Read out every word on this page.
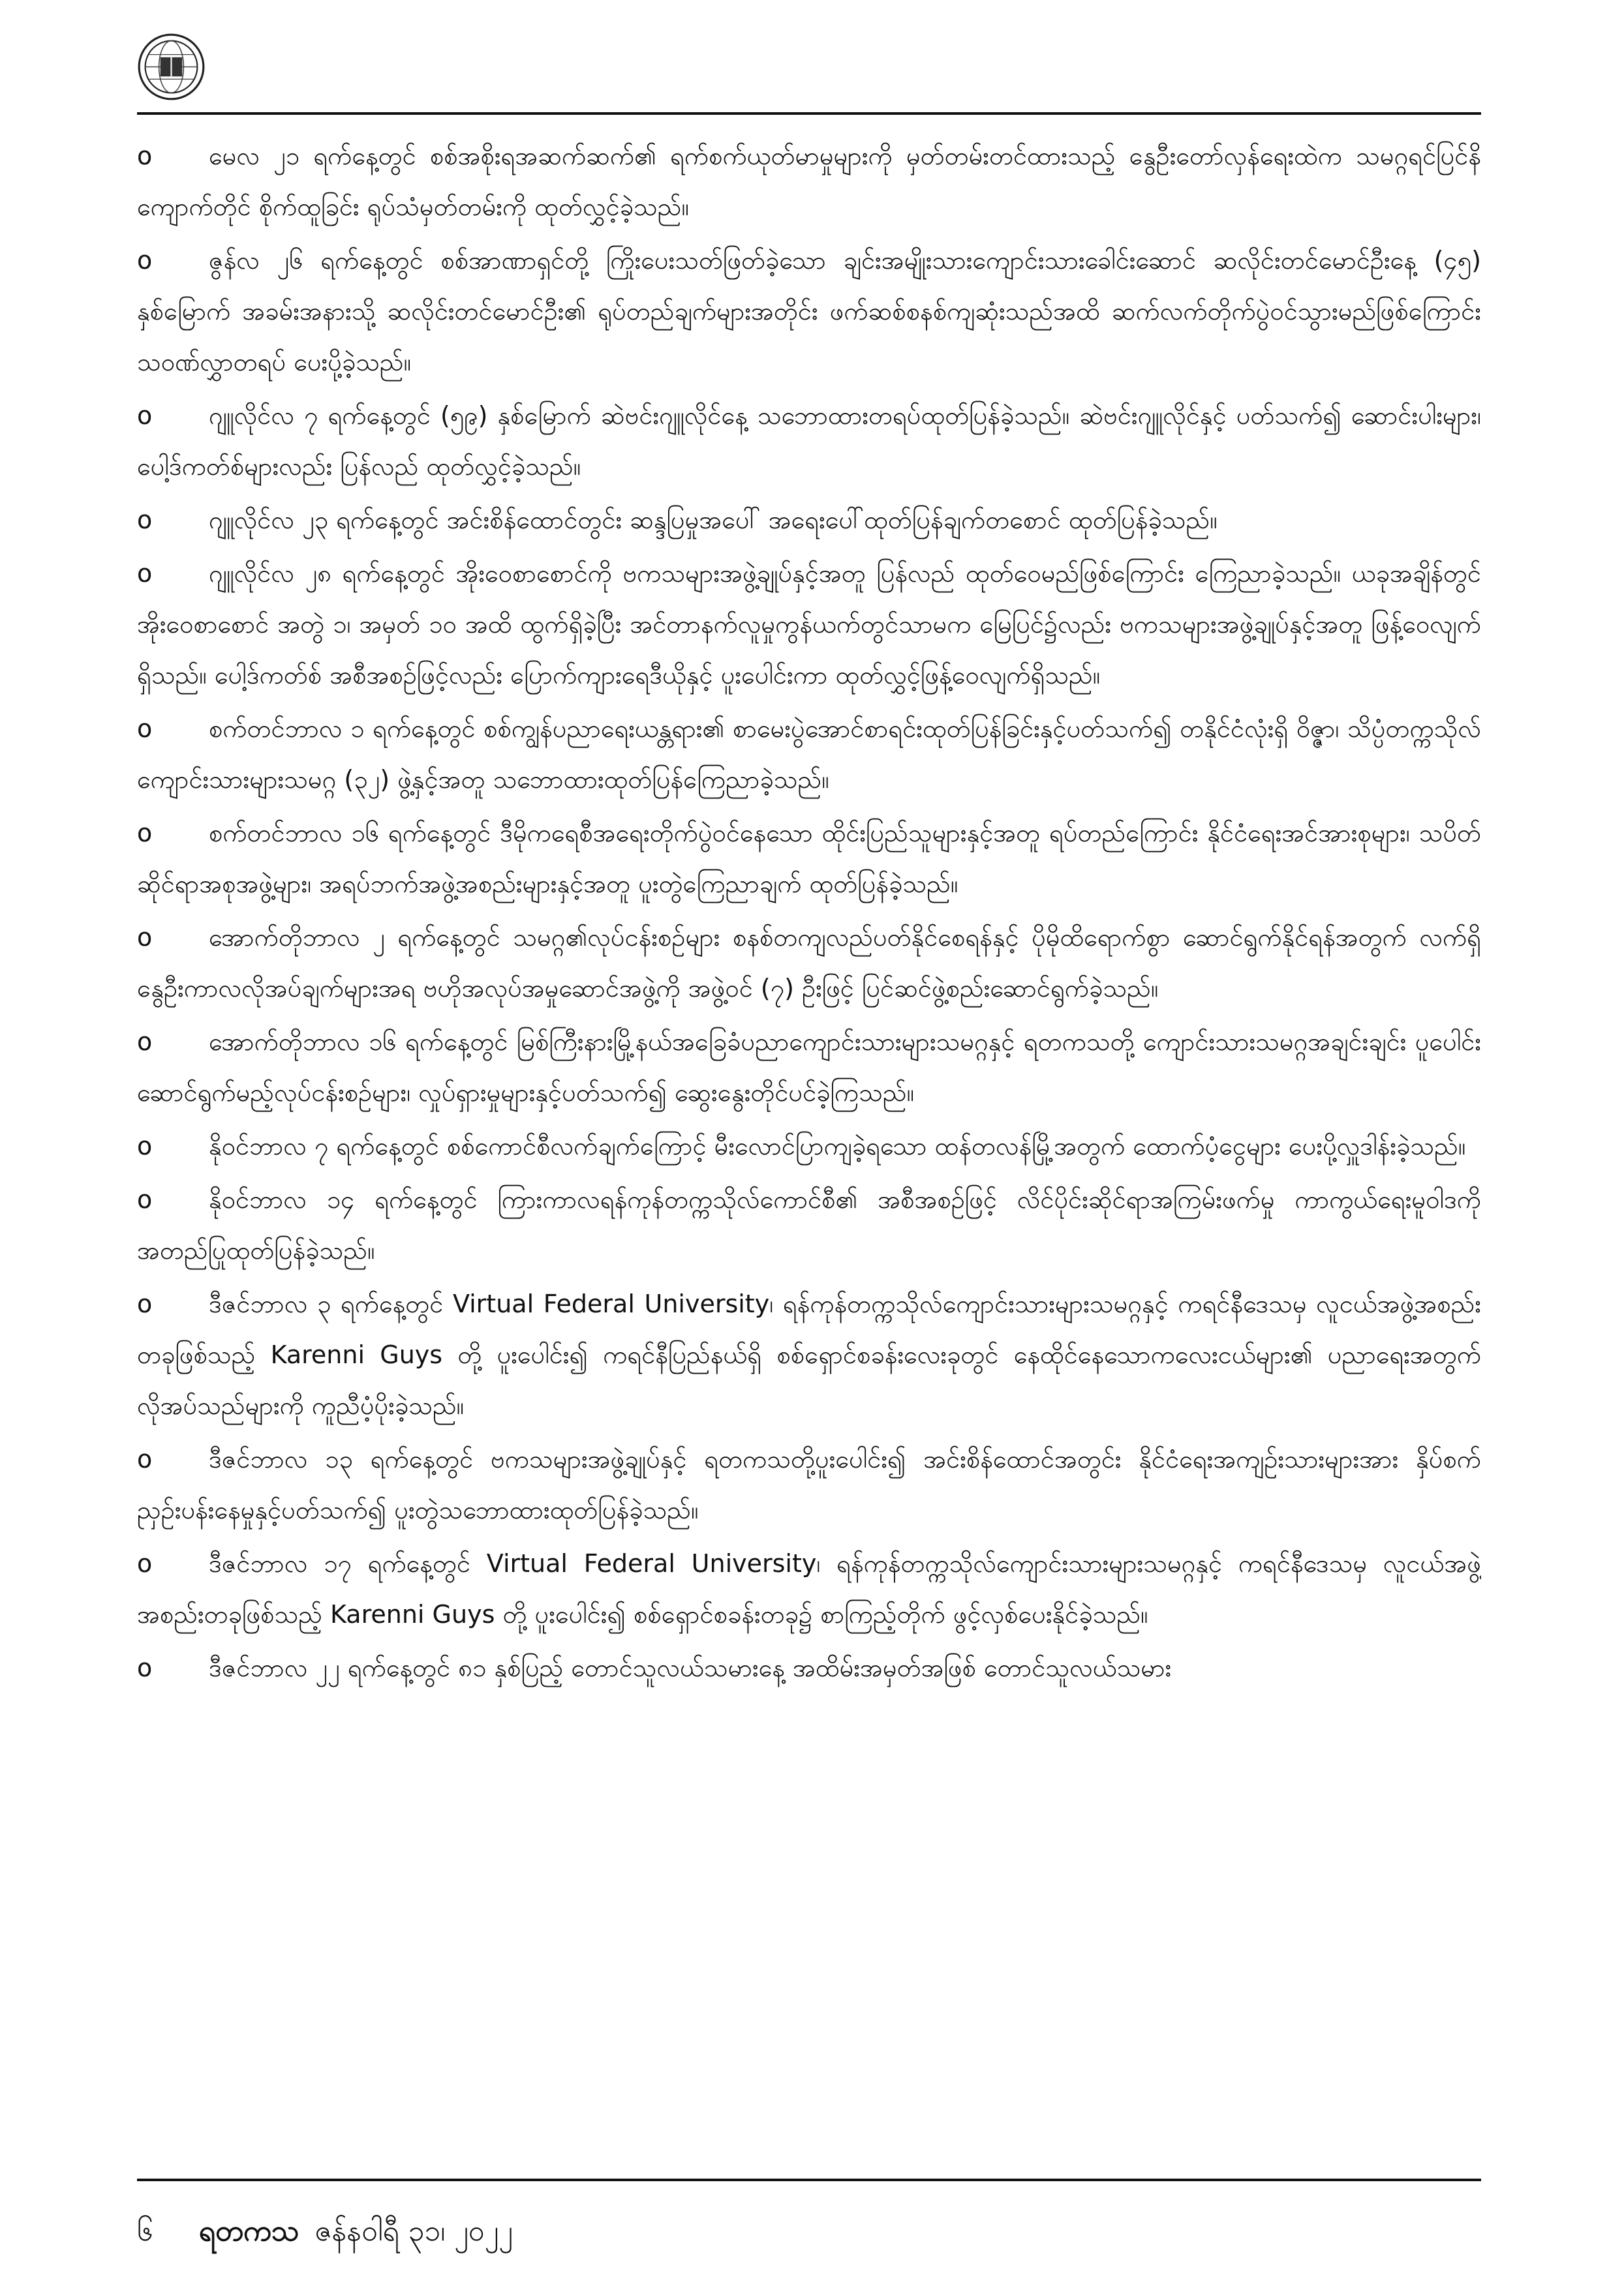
o မေလ ၂၁ ရက်နေ့တွင် စစ်အစိုးရအဆက်ဆက်၏ ရက်စက်ယုတ်မာမှုများကို မှတ်တမ်းတင်ထားသည့် နွေဦးတော်လှန်ရေးထဲက သမဂ္ဂရင်ပြင်နိကျောက်တိုင် စိုက်ထူခြင်း ရုပ်သံမှတ်တမ်းကို ထုတ်လွှင့်ခဲ့သည်။

o ဇွန်လ ၂၆ ရက်နေ့တွင် စစ်အာဏာရှင်တို့ ကြိုးပေးသတ်ဖြတ်ခဲ့သော ချင်းအမျိုးသားကျောင်းသားခေါင်းဆောင် ဆလိုင်းတင်မောင်ဦးနေ့ (၄၅) နှစ်မြောက် အခမ်းအနားသို့ ဆလိုင်းတင်မောင်ဦး၏ ရုပ်တည်ချက်များအတိုင်း ဖက်ဆစ်စနစ်ကျဆုံးသည်အထိ ဆက်လက်တိုက်ပွဲဝင်သွားမည်ဖြစ်ကြောင်း သဝဏ်လွှာတရပ် ပေးပို့ခဲ့သည်။

o ဂျူလိုင်လ ၇ ရက်နေ့တွင် (၅၉) နှစ်မြောက် ဆဲဗင်းဂျူလိုင်နေ့ သဘောထားတရပ်ထုတ်ပြန်ခဲ့သည်။ ဆဲဗင်းဂျူလိုင်နှင့် ပတ်သက်၍ ဆောင်းပါးများ၊ ပေါ့ဒ်ကတ်စ်များလည်း ပြန်လည် ထုတ်လွှင့်ခဲ့သည်။

o ဂျူလိုင်လ ၂၃ ရက်နေ့တွင် အင်းစိန်ထောင်တွင်း ဆန္ဒပြမှုအပေါ် အရေးပေါ်ထုတ်ပြန်ချက်တစောင် ထုတ်ပြန်ခဲ့သည်။

o ဂျူလိုင်လ ၂၈ ရက်နေ့တွင် အိုးဝေစာစောင်ကို ဗကသများအဖွဲ့ချုပ်နှင့်အတူ ပြန်လည် ထုတ်ဝေမည်ဖြစ်ကြောင်း ကြေညာခဲ့သည်။ ယခုအချိန်တွင် အိုးဝေစာစောင် အတွဲ ၁၊ အမှတ် ၁၀ အထိ ထွက်ရှိခဲ့ပြီး အင်တာနက်လူမှုကွန်ယက်တွင်သာမက မြေပြင်၌လည်း ဗကသများအဖွဲ့ချုပ်နှင့်အတူ ဖြန့်ဝေလျက်ရှိသည်။ ပေါ့ဒ်ကတ်စ် အစီအစဉ်ဖြင့်လည်း ပြောက်ကျားရေဒီယိုနှင့် ပူးပေါင်းကာ ထုတ်လွှင့်ဖြန့်ဝေလျက်ရှိသည်။

o စက်တင်ဘာလ ၁ ရက်နေ့တွင် စစ်ကျွန်ပညာရေးယန္တရား၏ စာမေးပွဲအောင်စာရင်းထုတ်ပြန်ခြင်းနှင့်ပတ်သက်၍ တနိုင်ငံလုံးရှိ ဝိဇ္ဇာ၊ သိပ္ပံတက္ကသိုလ်ကျောင်းသားများသမဂ္ဂ (၃၂) ဖွဲ့နှင့်အတူ သဘောထားထုတ်ပြန်ကြေညာခဲ့သည်။

o စက်တင်ဘာလ ၁၆ ရက်နေ့တွင် ဒီမိုကရေစီအရေးတိုက်ပွဲဝင်နေသော ထိုင်းပြည်သူများနှင့်အတူ ရပ်တည်ကြောင်း နိုင်ငံရေးအင်အားစုများ၊ သပိတ်ဆိုင်ရာအစုအဖွဲ့များ၊ အရပ်ဘက်အဖွဲ့အစည်းများနှင့်အတူ ပူးတွဲကြေညာချက် ထုတ်ပြန်ခဲ့သည်။

o အောက်တိုဘာလ ၂ ရက်နေ့တွင် သမဂ္ဂ၏လုပ်ငန်းစဉ်များ စနစ်တကျလည်ပတ်နိုင်စေရန်နှင့် ပိုမိုထိရောက်စွာ ဆောင်ရွက်နိုင်ရန်အတွက် လက်ရှိနွေဦးကာလလိုအပ်ချက်များအရ ဗဟိုအလုပ်အမှုဆောင်အဖွဲ့ကို အဖွဲ့ဝင် (၇) ဦးဖြင့် ပြင်ဆင်ဖွဲ့စည်းဆောင်ရွက်ခဲ့သည်။

o အောက်တိုဘာလ ၁၆ ရက်နေ့တွင် မြစ်ကြီးနားမြို့နယ်အခြေခံပညာကျောင်းသားများသမဂ္ဂနှင့် ရတကသတို့ ကျောင်းသားသမဂ္ဂအချင်းချင်း ပူပေါင်းဆောင်ရွက်မည့်လုပ်ငန်းစဉ်များ၊ လှုပ်ရှားမှုများနှင့်ပတ်သက်၍ ဆွေးနွေးတိုင်ပင်ခဲ့ကြသည်။

o နိုဝင်ဘာလ ၇ ရက်နေ့တွင် စစ်ကောင်စီလက်ချက်ကြောင့် မီးလောင်ပြာကျခဲ့ရသော ထန်တလန်မြို့အတွက် ထောက်ပံ့ငွေများ ပေးပို့လှူဒါန်းခဲ့သည်။

o နိုဝင်ဘာလ ၁၄ ရက်နေ့တွင် ကြားကာလရန်ကုန်တက္ကသိုလ်ကောင်စီ၏ အစီအစဉ်ဖြင့် လိင်ပိုင်းဆိုင်ရာအကြမ်းဖက်မှု ကာကွယ်ရေးမူဝါဒကို အတည်ပြုထုတ်ပြန်ခဲ့သည်။

o ဒီဇင်ဘာလ ၃ ရက်နေ့တွင် Virtual Federal University၊ ရန်ကုန်တက္ကသိုလ်ကျောင်းသားများသမဂ္ဂနှင့် ကရင်နီဒေသမှ လူငယ်အဖွဲ့အစည်းတခုဖြစ်သည့် Karenni Guys တို့ ပူးပေါင်း၍ ကရင်နီပြည်နယ်ရှိ စစ်ရှောင်စခန်းလေးခုတွင် နေထိုင်နေသောကလေးငယ်များ၏ ပညာရေးအတွက် လိုအပ်သည်များကို ကူညီပံ့ပိုးခဲ့သည်။

o ဒီဇင်ဘာလ ၁၃ ရက်နေ့တွင် ဗကသများအဖွဲ့ချုပ်နှင့် ရတကသတို့ပူးပေါင်း၍ အင်းစိန်ထောင်အတွင်း နိုင်ငံရေးအကျဉ်းသားများအား နှိပ်စက်ညှဉ်းပန်းနေမှုနှင့်ပတ်သက်၍ ပူးတွဲသဘောထားထုတ်ပြန်ခဲ့သည်။

o ဒီဇင်ဘာလ ၁၇ ရက်နေ့တွင် Virtual Federal University၊ ရန်ကုန်တက္ကသိုလ်ကျောင်းသားများသမဂ္ဂနှင့် ကရင်နီဒေသမှ လူငယ်အဖွဲ့အစည်းတခုဖြစ်သည့် Karenni Guys တို့ ပူးပေါင်း၍ စစ်ရှောင်စခန်းတခု၌ စာကြည့်တိုက် ဖွင့်လှစ်ပေးနိုင်ခဲ့သည်။

o ဒီဇင်ဘာလ ၂၂ ရက်နေ့တွင် ၈၁ နှစ်ပြည့် တောင်သူလယ်သမားနေ့ အထိမ်းအမှတ်အဖြစ် တောင်သူလယ်သမား

၆ ရတကသ ဇန်နဝါရီ ၃၁၊ ၂၀၂၂
